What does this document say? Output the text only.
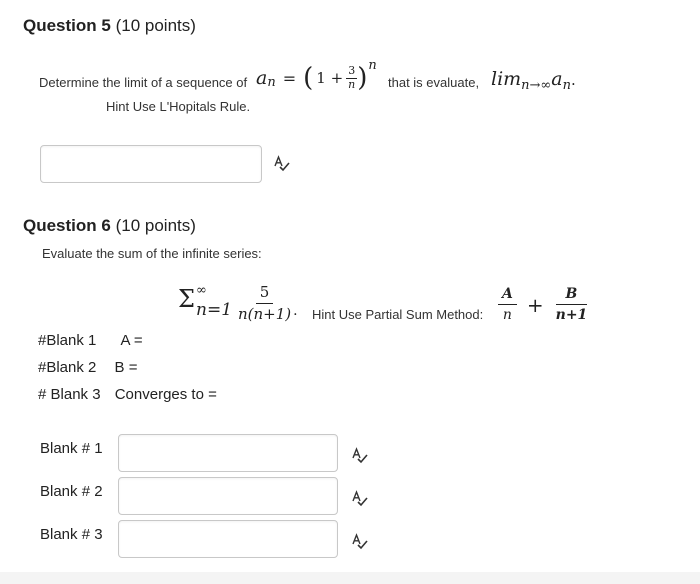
Question 5 (10 points)
Determine the limit of a sequence of a n = ( $1 + \frac{3}{n}$ ) n
that is evaluate, $\lim_{n\to\infty}a_n$.
Hint Use L'Hopitals Rule.
Question 6 (10 points)
Evaluate the sum of the infinite series:
Σ ∞
$n=1 \frac{5}{n(n+1)}$ · Hint Use Partial Sum Method: $\frac{A}{n} + \frac{B}{n+1}$
#Blank 1 A =
#Blank 2 B =
# Blank 3 Converges to =
Blank # 1
Blank # 2
Blank # 3
